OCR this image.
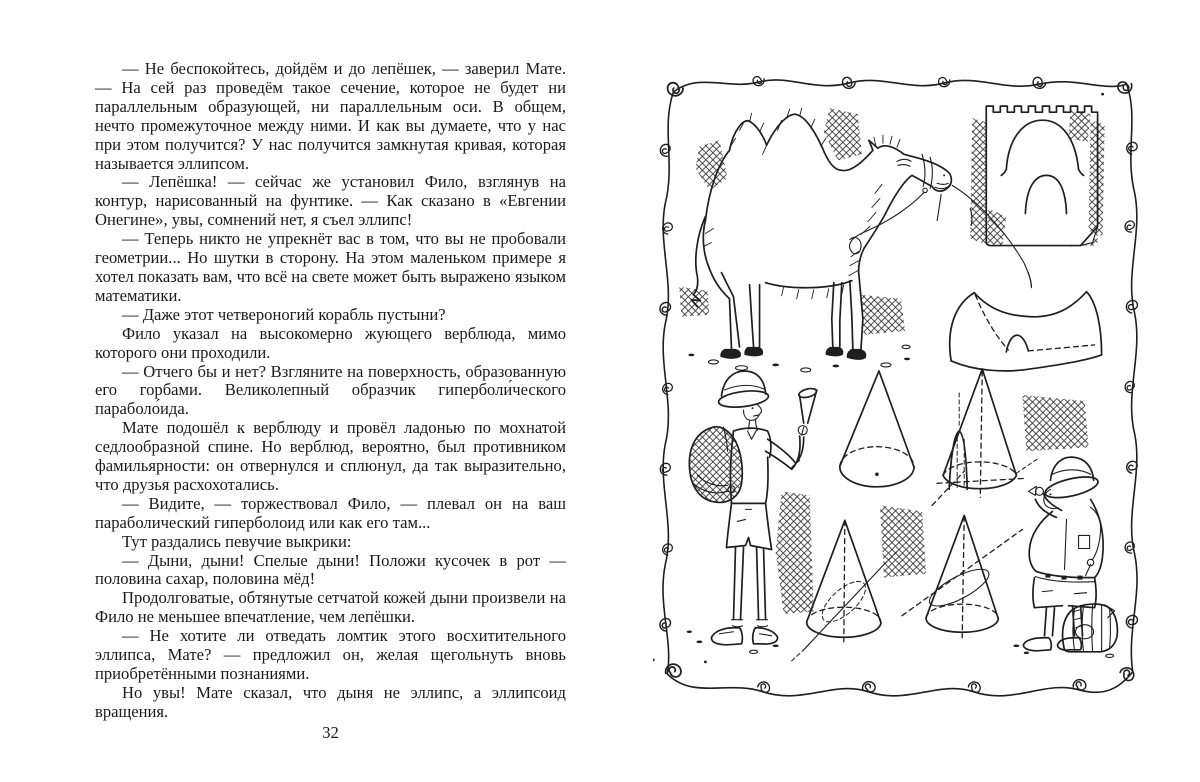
— Не беспокойтесь, дойдём и до лепёшек, — заверил Мате. — На сей раз проведём такое сечение, которое не будет ни параллельным образующей, ни параллельным оси. В общем, нечто промежуточное между ними. И как вы думаете, что у нас при этом получится? У нас получится замкнутая кривая, которая называется эллипсом.

— Лепёшка! — сейчас же установил Фило, взглянув на контур, нарисованный на фунтике. — Как сказано в «Евгении Онегине», увы, сомнений нет, я съел эллипс!

— Теперь никто не упрекнёт вас в том, что вы не пробовали геометрии... Но шутки в сторону. На этом маленьком примере я хотел показать вам, что всё на свете может быть выражено языком математики.

— Даже этот четвероногий корабль пустыни?

Фило указал на высокомерно жующего верблюда, мимо которого они проходили.

— Отчего бы и нет? Взгляните на поверхность, образованную его горбами. Великолепный образчик гиперболи́ческого параболо́ида.

Мате подошёл к верблюду и провёл ладонью по мохнатой седлообразной спине. Но верблюд, вероятно, был противником фамильярности: он отвернулся и сплюнул, да так выразительно, что друзья расхохотались.

— Видите, — торжествовал Фило, — плевал он на ваш параболический гиперболоид или как его там...

Тут раздались певучие выкрики:

— Дыни, дыни! Спелые дыни! Положи кусочек в рот — половина сахар, половина мёд!

Продолговатые, обтянутые сетчатой кожей дыни произвели на Фило не меньшее впечатление, чем лепёшки.

— Не хотите ли отведать ломтик этого восхитительного эллипса, Мате? — предложил он, желая щегольнуть вновь приобретёнными познаниями.

Но увы! Мате сказал, что дыня не эллипс, а эллипсоид вращения.

32
